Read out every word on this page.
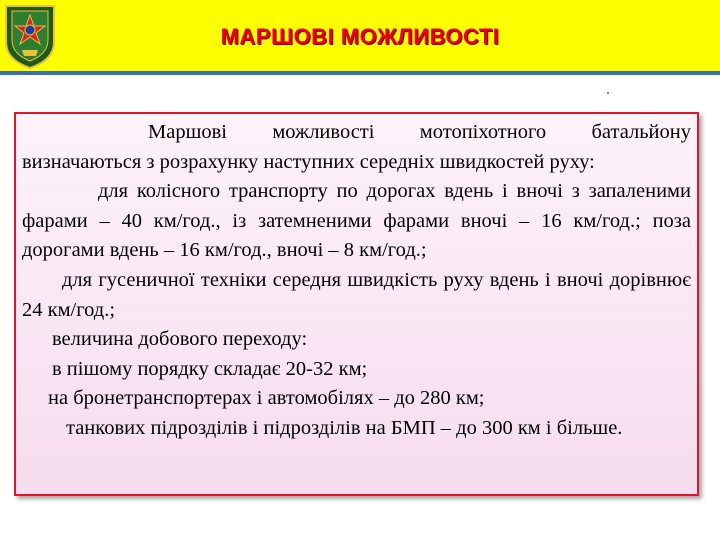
МАРШОВІ МОЖЛИВОСТІ

Маршові можливості мотопіхотного батальйону визначаються з розрахунку наступних середніх швидкостей руху:

для колісного транспорту по дорогах вдень і вночі з запаленими фарами – 40 км/год., із затемненими фарами вночі – 16 км/год.; поза дорогами вдень – 16 км/год., вночі – 8 км/год.;

для гусеничної техніки середня швидкість руху вдень і вночі дорівнює 24 км/год.;

величина добового переходу:

в пішому порядку складає 20-32 км;

на бронетранспортерах і автомобілях – до 280 км;

танкових підрозділів і підрозділів на БМП – до 300 км і більше.
